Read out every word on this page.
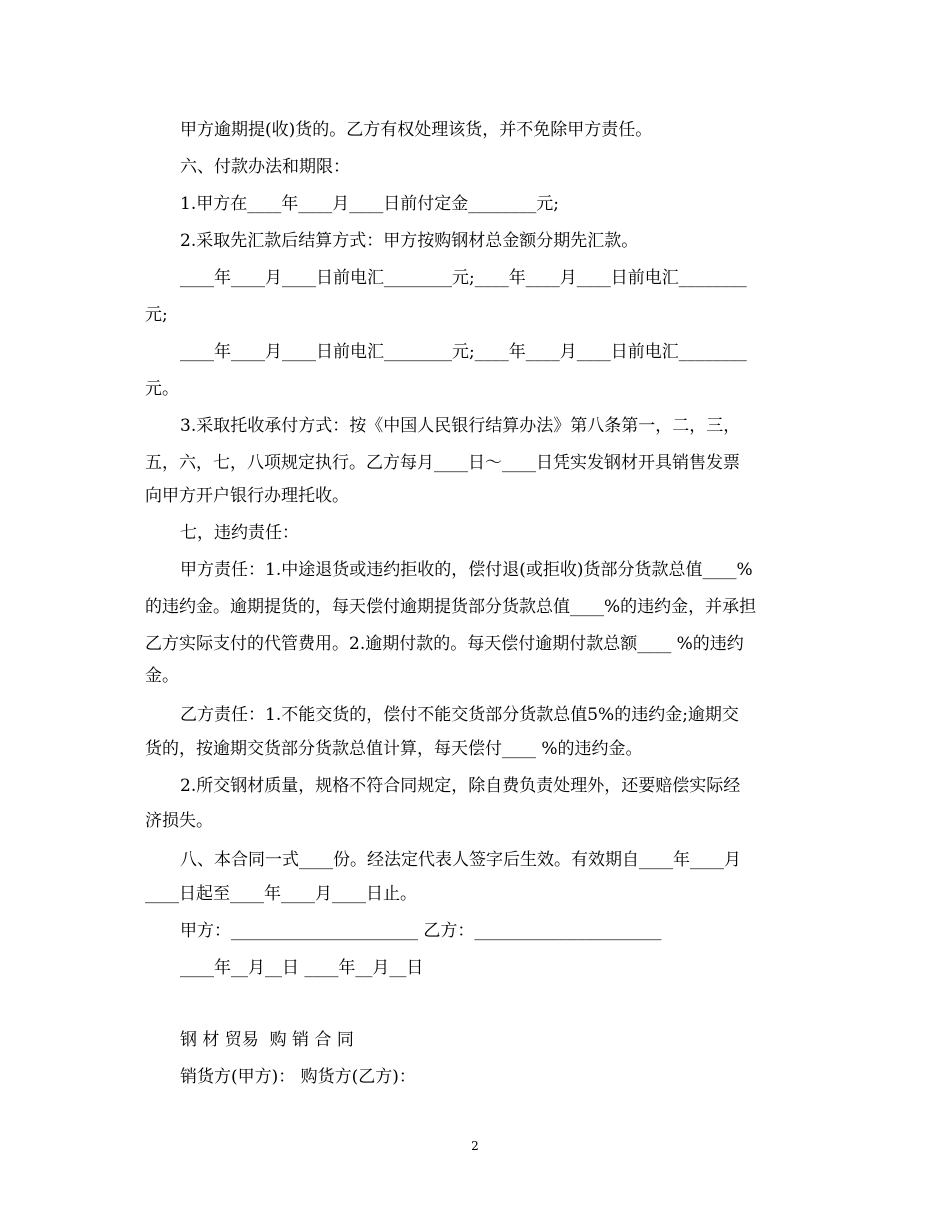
甲方逾期提(收)货的。乙方有权处理该货，并不免除甲方责任。
六、付款办法和期限：
1.甲方在____年____月____日前付定金________元;
2.采取先汇款后结算方式：甲方按购钢材总金额分期先汇款。
____年____月____日前电汇________元;____年____月____日前电汇________
元;
____年____月____日前电汇________元;____年____月____日前电汇________
元。
3.采取托收承付方式：按《中国人民银行结算办法》第八条第一，二，三，
五，六，七，八项规定执行。乙方每月____日～____日凭实发钢材开具销售发票
向甲方开户银行办理托收。
七，违约责任：
甲方责任：1.中途退货或违约拒收的，偿付退(或拒收)货部分货款总值____%
的违约金。逾期提货的，每天偿付逾期提货部分货款总值____%的违约金，并承担
乙方实际支付的代管费用。2.逾期付款的。每天偿付逾期付款总额____ %的违约
金。
乙方责任：1.不能交货的，偿付不能交货部分货款总值5%的违约金;逾期交
货的，按逾期交货部分货款总值计算，每天偿付____ %的违约金。
2.所交钢材质量，规格不符合同规定，除自费负责处理外，还要赔偿实际经
济损失。
八、本合同一式____份。经法定代表人签字后生效。有效期自____年____月
____日起至____年____月____日止。
甲方：______________________ 乙方：______________________
____年__月__日 ____年__月__日
钢 材 贸易  购 销 合 同
销货方(甲方)： 购货方(乙方)：
2
